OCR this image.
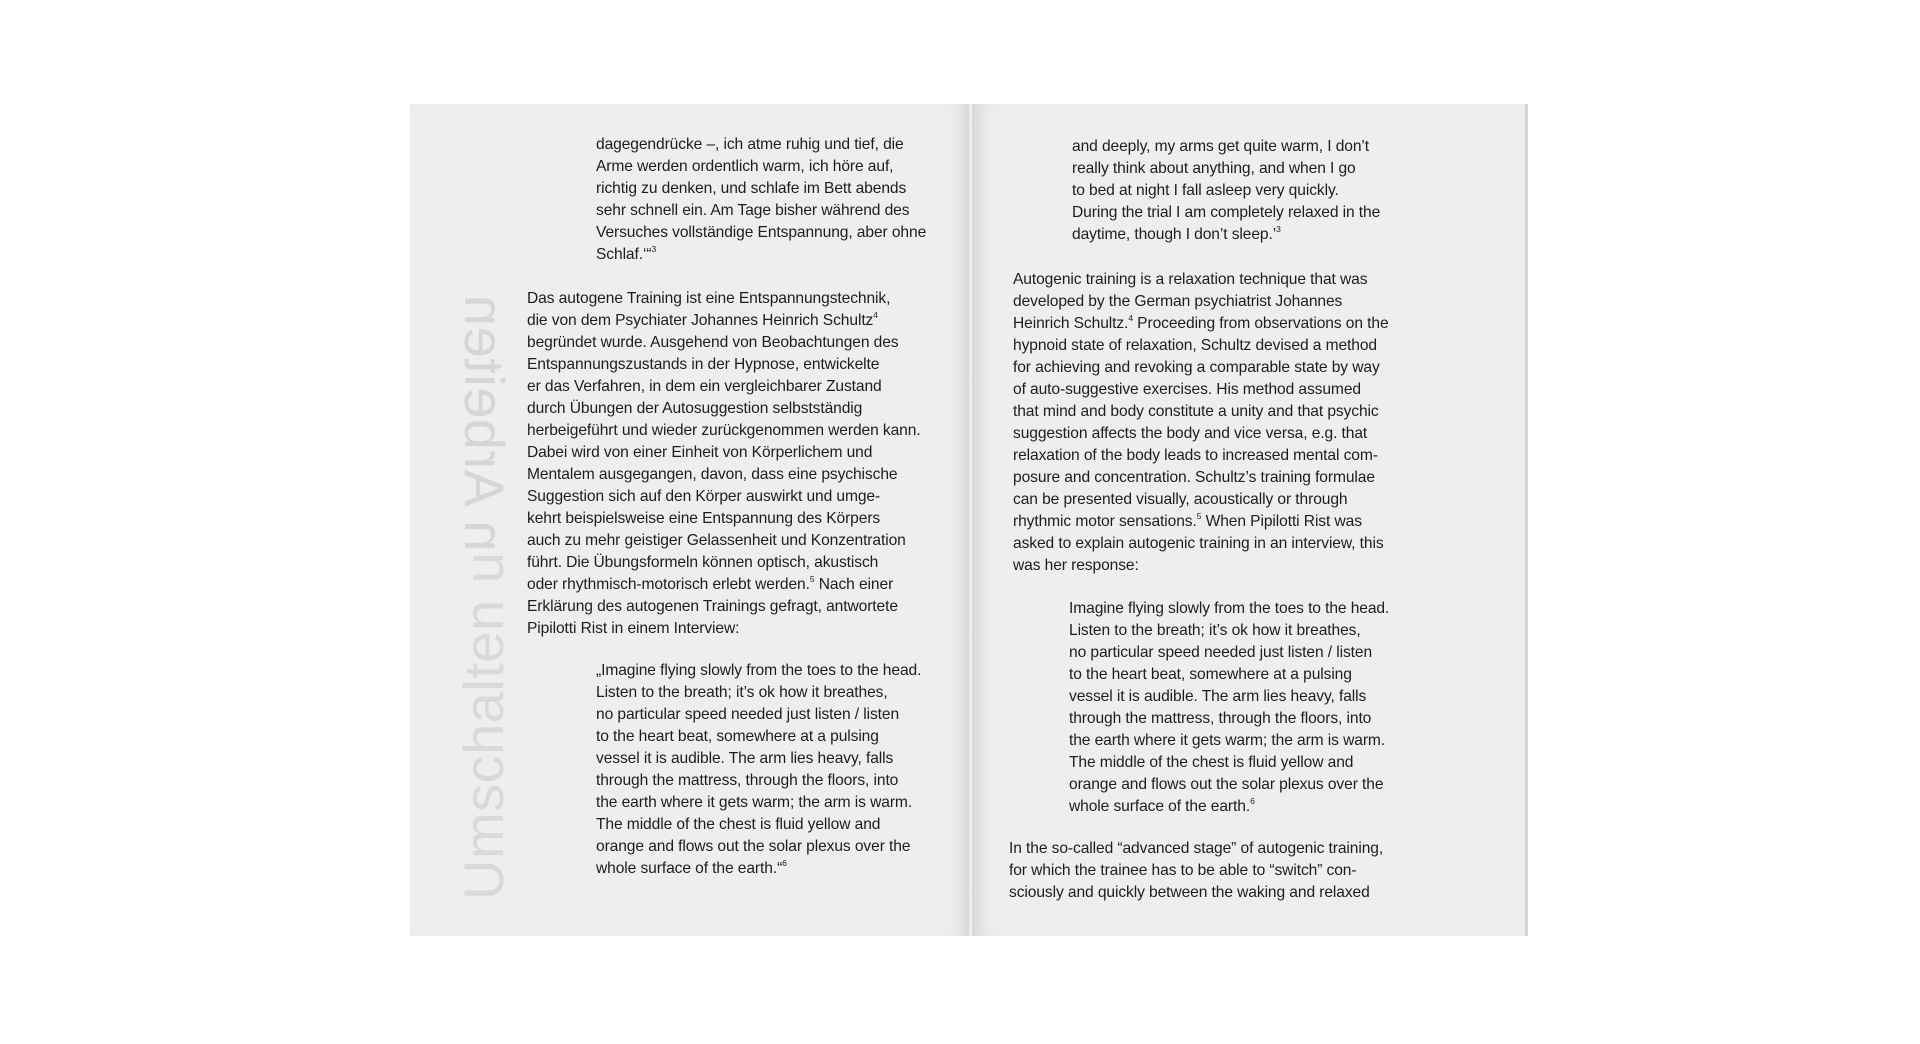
Umschalten un Arbeiten

dagegendrücke –, ich atme ruhig und tief, die
Arme werden ordentlich warm, ich höre auf,
richtig zu denken, und schlafe im Bett abends
sehr schnell ein. Am Tage bisher während des
Versuches vollständige Entspannung, aber ohne
Schlaf.‘“$^3$

Das autogene Training ist eine Entspannungstechnik,
die von dem Psychiater Johannes Heinrich Schultz$^4$
begründet wurde. Ausgehend von Beobachtungen des
Entspannungszustands in der Hypnose, entwickelte
er das Verfahren, in dem ein vergleichbarer Zustand
durch Übungen der Autosuggestion selbstständig
herbeigeführt und wieder zurückgenommen werden kann.
Dabei wird von einer Einheit von Körperlichem und
Mentalem ausgegangen, davon, dass eine psychische
Suggestion sich auf den Körper auswirkt und umge-
kehrt beispielsweise eine Entspannung des Körpers
auch zu mehr geistiger Gelassenheit und Konzentration
führt. Die Übungsformeln können optisch, akustisch
oder rhythmisch-motorisch erlebt werden.$^5$ Nach einer
Erklärung des autogenen Trainings gefragt, antwortete
Pipilotti Rist in einem Interview:

„Imagine flying slowly from the toes to the head.
Listen to the breath; it’s ok how it breathes,
no particular speed needed just listen / listen
to the heart beat, somewhere at a pulsing
vessel it is audible. The arm lies heavy, falls
through the mattress, through the floors, into
the earth where it gets warm; the arm is warm.
The middle of the chest is fluid yellow and
orange and flows out the solar plexus over the
whole surface of the earth.“$^6$

and deeply, my arms get quite warm, I don’t
really think about anything, and when I go
to bed at night I fall asleep very quickly.
During the trial I am completely relaxed in the
daytime, though I don’t sleep.’$^3$

Autogenic training is a relaxation technique that was
developed by the German psychiatrist Johannes
Heinrich Schultz.$^4$ Proceeding from observations on the
hypnoid state of relaxation, Schultz devised a method
for achieving and revoking a comparable state by way
of auto-suggestive exercises. His method assumed
that mind and body constitute a unity and that psychic
suggestion affects the body and vice versa, e.g. that
relaxation of the body leads to increased mental com-
posure and concentration. Schultz’s training formulae
can be presented visually, acoustically or through
rhythmic motor sensations.$^5$ When Pipilotti Rist was
asked to explain autogenic training in an interview, this
was her response:

Imagine flying slowly from the toes to the head.
Listen to the breath; it’s ok how it breathes,
no particular speed needed just listen / listen
to the heart beat, somewhere at a pulsing
vessel it is audible. The arm lies heavy, falls
through the mattress, through the floors, into
the earth where it gets warm; the arm is warm.
The middle of the chest is fluid yellow and
orange and flows out the solar plexus over the
whole surface of the earth.$^6$

In the so-called “advanced stage” of autogenic training,
for which the trainee has to be able to “switch” con-
sciously and quickly between the waking and relaxed
